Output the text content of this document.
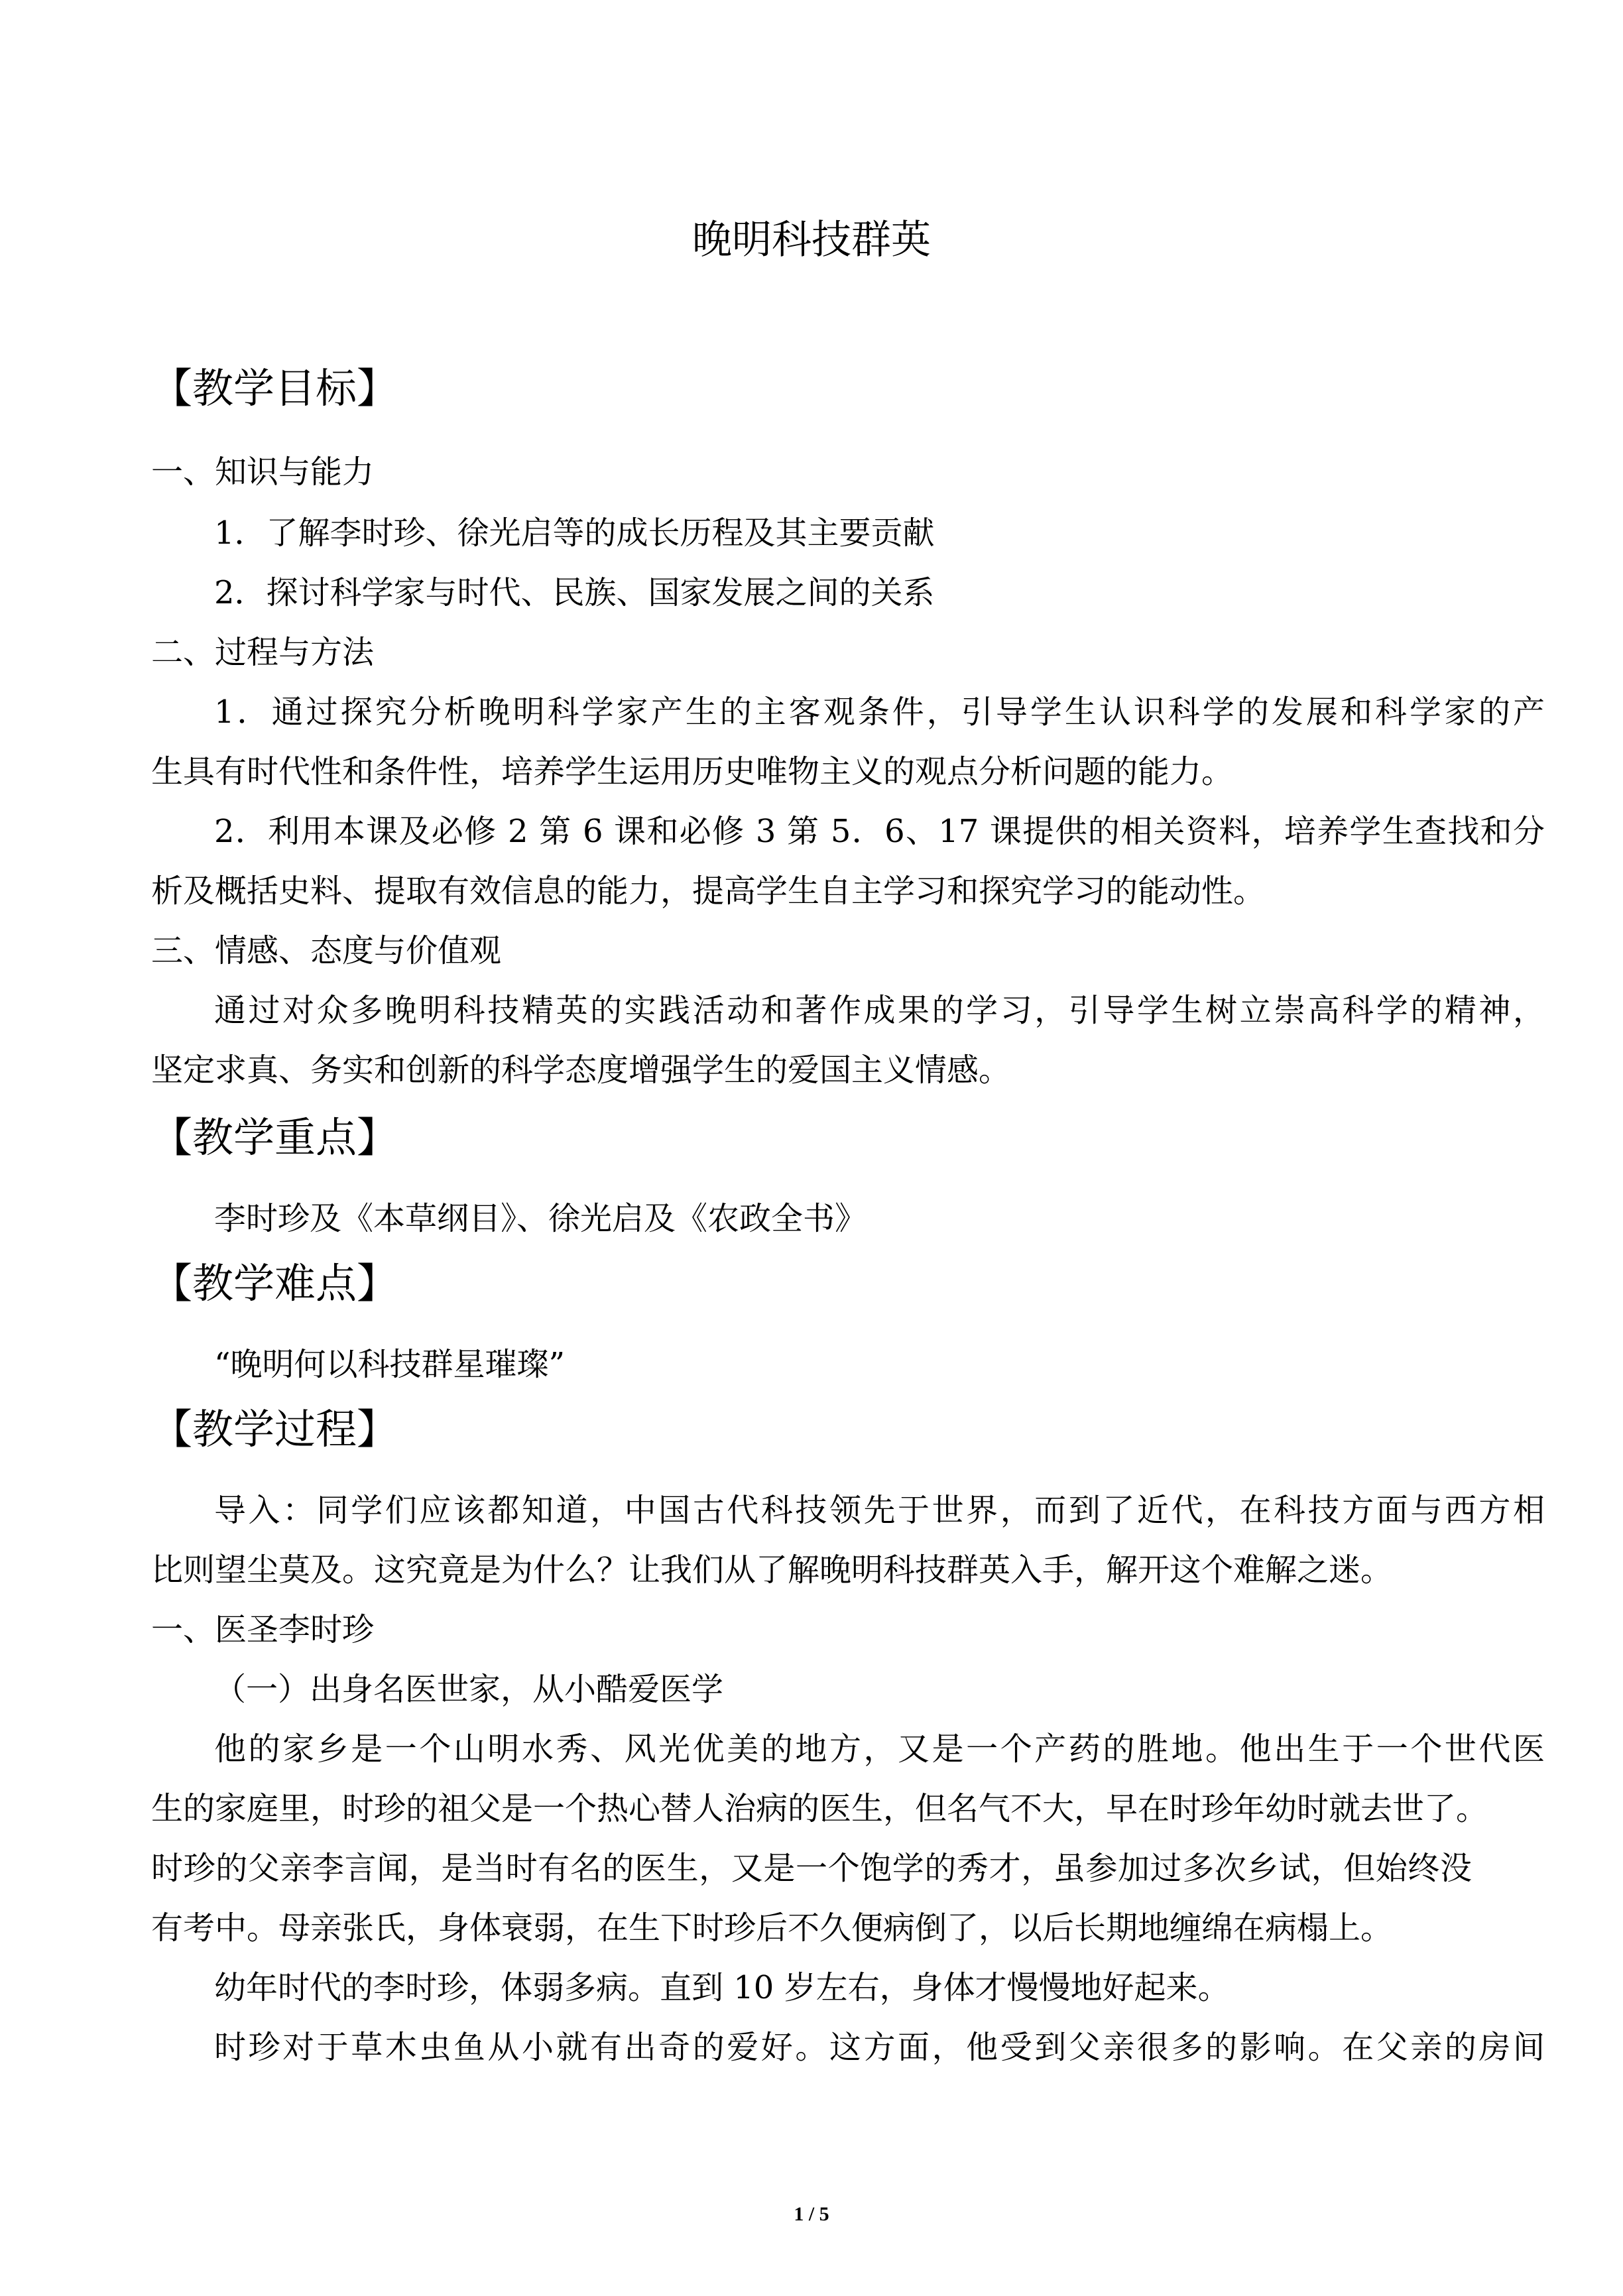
晚明科技群英
【教学目标】
一、知识与能力
1．了解李时珍、徐光启等的成长历程及其主要贡献
2．探讨科学家与时代、民族、国家发展之间的关系
二、过程与方法
1．通过探究分析晚明科学家产生的主客观条件，引导学生认识科学的发展和科学家的产
生具有时代性和条件性，培养学生运用历史唯物主义的观点分析问题的能力。
2．利用本课及必修 2 第 6 课和必修 3 第 5．6、17 课提供的相关资料，培养学生查找和分
析及概括史料、提取有效信息的能力，提高学生自主学习和探究学习的能动性。
三、情感、态度与价值观
通过对众多晚明科技精英的实践活动和著作成果的学习，引导学生树立崇高科学的精神，
坚定求真、务实和创新的科学态度增强学生的爱国主义情感。
【教学重点】
李时珍及《本草纲目》、徐光启及《农政全书》
【教学难点】
“晚明何以科技群星璀璨”
【教学过程】
导入：同学们应该都知道，中国古代科技领先于世界，而到了近代，在科技方面与西方相
比则望尘莫及。这究竟是为什么？让我们从了解晚明科技群英入手，解开这个难解之迷。
一、医圣李时珍
（一）出身名医世家，从小酷爱医学
他的家乡是一个山明水秀、风光优美的地方，又是一个产药的胜地。他出生于一个世代医
生的家庭里，时珍的祖父是一个热心替人治病的医生，但名气不大，早在时珍年幼时就去世了。
时珍的父亲李言闻，是当时有名的医生，又是一个饱学的秀才，虽参加过多次乡试，但始终没
有考中。母亲张氏，身体衰弱，在生下时珍后不久便病倒了，以后长期地缠绵在病榻上。
幼年时代的李时珍，体弱多病。直到 10 岁左右，身体才慢慢地好起来。
时珍对于草木虫鱼从小就有出奇的爱好。这方面，他受到父亲很多的影响。在父亲的房间
1 / 5
